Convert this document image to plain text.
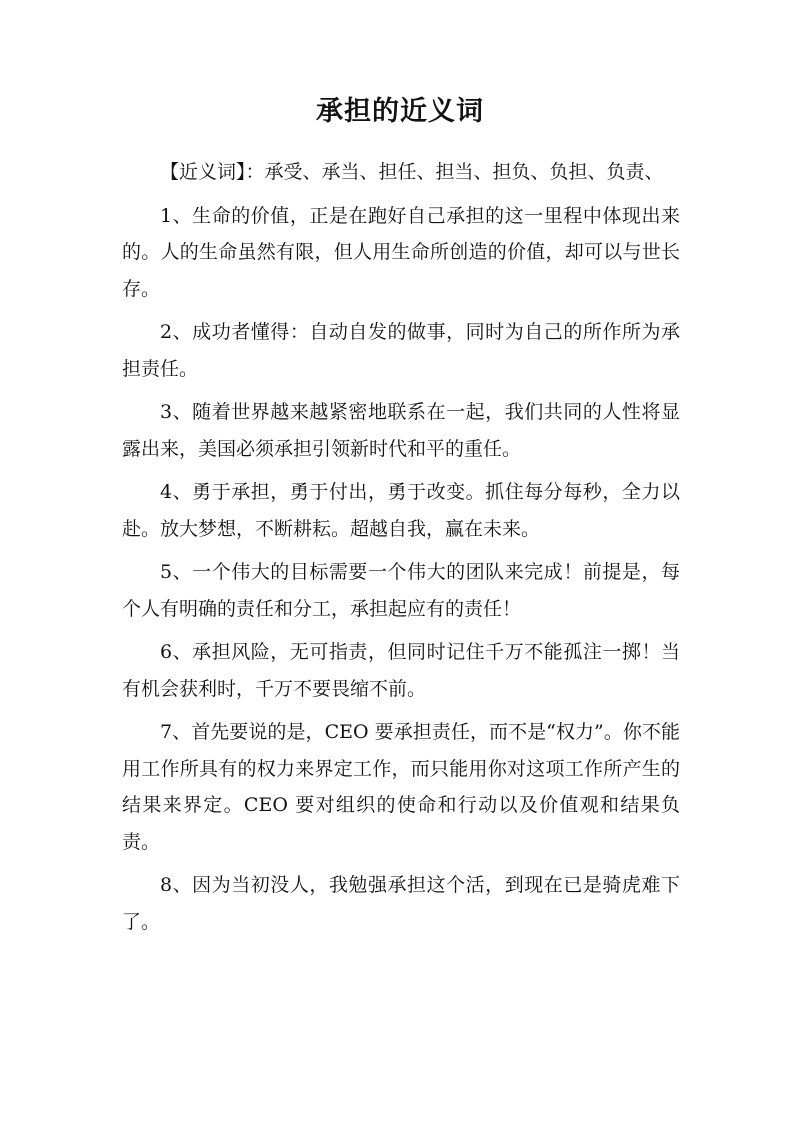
承担的近义词

【近义词】：承受、承当、担任、担当、担负、负担、负责、

1、生命的价值，正是在跑好自己承担的这一里程中体现出来的。人的生命虽然有限，但人用生命所创造的价值，却可以与世长存。

2、成功者懂得：自动自发的做事，同时为自己的所作所为承担责任。

3、随着世界越来越紧密地联系在一起，我们共同的人性将显露出来，美国必须承担引领新时代和平的重任。

4、勇于承担，勇于付出，勇于改变。抓住每分每秒，全力以赴。放大梦想，不断耕耘。超越自我，赢在未来。

5、一个伟大的目标需要一个伟大的团队来完成！前提是，每个人有明确的责任和分工，承担起应有的责任！

6、承担风险，无可指责，但同时记住千万不能孤注一掷！当有机会获利时，千万不要畏缩不前。

7、首先要说的是，CEO 要承担责任，而不是“权力”。你不能用工作所具有的权力来界定工作，而只能用你对这项工作所产生的结果来界定。CEO 要对组织的使命和行动以及价值观和结果负责。

8、因为当初没人，我勉强承担这个活，到现在已是骑虎难下了。
